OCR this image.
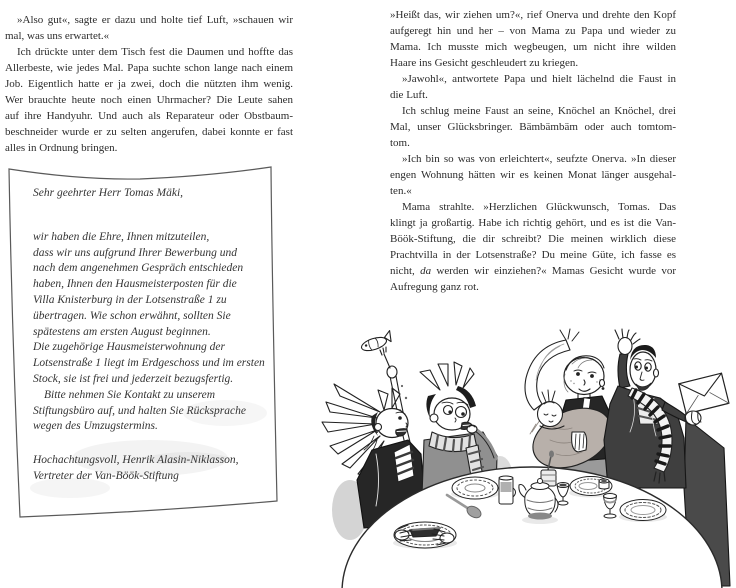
»Also gut«, sagte er dazu und holte tief Luft, »schauen wir
mal, was uns erwartet.«
Ich drückte unter dem Tisch fest die Daumen und hoffte das
Allerbeste, wie jedes Mal. Papa suchte schon lange nach einem
Job. Eigentlich hatte er ja zwei, doch die nützten ihm wenig.
Wer brauchte heute noch einen Uhrmacher? Die Leute sahen
auf ihre Handyuhr. Und auch als Reparateur oder Obstbaum-
beschneider wurde er zu selten angerufen, dabei konnte er fast
alles in Ordnung bringen.
Sehr geehrter Herr Tomas Mäki,
wir haben die Ehre, Ihnen mitzuteilen,
dass wir uns aufgrund Ihrer Bewerbung und
nach dem angenehmen Gespräch entschieden
haben, Ihnen den Hausmeisterposten für die
Villa Knisterburg in der Lotsenstraße 1 zu
übertragen. Wie schon erwähnt, sollten Sie
spätestens am ersten August beginnen.
Die zugehörige Hausmeisterwohnung der
Lotsenstraße 1 liegt im Erdgeschoss und im ersten
Stock, sie ist frei und jederzeit bezugsfertig.
Bitte nehmen Sie Kontakt zu unserem
Stiftungsbüro auf, und halten Sie Rücksprache
wegen des Umzugstermins.
Hochachtungsvoll, Henrik Alasin-Niklasson,
Vertreter der Van-Böök-Stiftung
»Heißt das, wir ziehen um?«, rief Onerva und drehte den Kopf
aufgeregt hin und her – von Mama zu Papa und wieder zu
Mama. Ich musste mich wegbeugen, um nicht ihre wilden
Haare ins Gesicht geschleudert zu kriegen.
»Jawohl«, antwortete Papa und hielt lächelnd die Faust in
die Luft.
Ich schlug meine Faust an seine, Knöchel an Knöchel, drei
Mal, unser Glücksbringer. Bämbämbäm oder auch tomtom-
tom.
»Ich bin so was von erleichtert«, seufzte Onerva. »In dieser
engen Wohnung hätten wir es keinen Monat länger ausgehal-
ten.«
Mama strahlte. »Herzlichen Glückwunsch, Tomas. Das
klingt ja großartig. Habe ich richtig gehört, und es ist die Van-
Böök-Stiftung, die dir schreibt? Die meinen wirklich diese
Prachtvilla in der Lotsenstraße? Du meine Güte, ich fasse es
nicht, da werden wir einziehen?« Mamas Gesicht wurde vor
Aufregung ganz rot.
